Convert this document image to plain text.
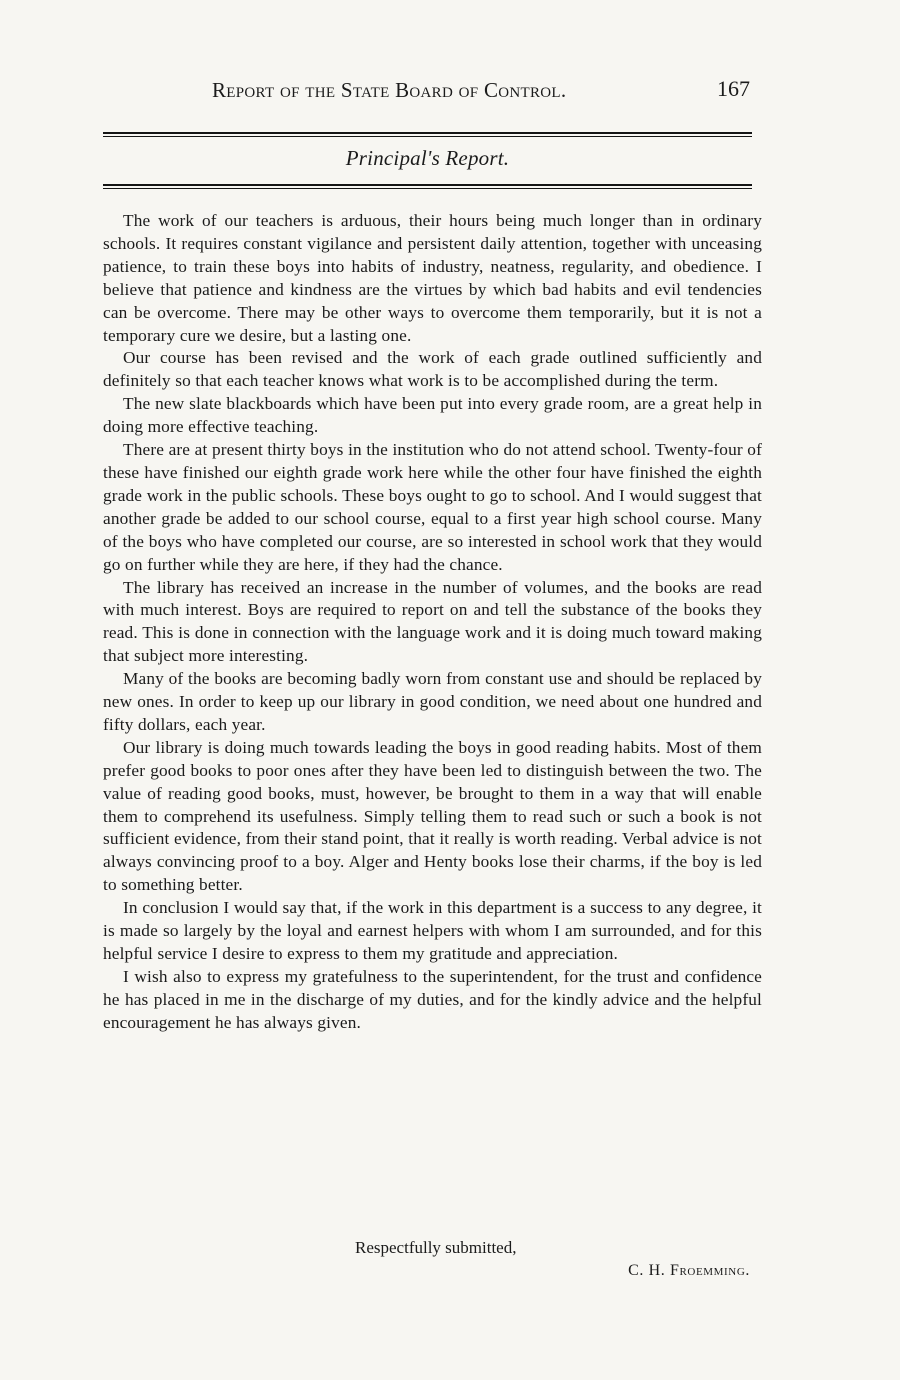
Report of the State Board of Control.	167
Principal's Report.

The work of our teachers is arduous, their hours being much longer than in ordinary schools. It requires constant vigilance and persistent daily attention, together with unceasing patience, to train these boys into habits of industry, neatness, regularity, and obedience. I believe that patience and kindness are the virtues by which bad habits and evil tendencies can be overcome. There may be other ways to overcome them temporarily, but it is not a temporary cure we desire, but a lasting one.

Our course has been revised and the work of each grade outlined sufficiently and definitely so that each teacher knows what work is to be accomplished during the term.

The new slate blackboards which have been put into every grade room, are a great help in doing more effective teaching.

There are at present thirty boys in the institution who do not attend school. Twenty-four of these have finished our eighth grade work here while the other four have finished the eighth grade work in the public schools. These boys ought to go to school. And I would suggest that another grade be added to our school course, equal to a first year high school course. Many of the boys who have completed our course, are so interested in school work that they would go on further while they are here, if they had the chance.

The library has received an increase in the number of volumes, and the books are read with much interest. Boys are required to report on and tell the substance of the books they read. This is done in connection with the language work and it is doing much toward making that subject more interesting.

Many of the books are becoming badly worn from constant use and should be replaced by new ones. In order to keep up our library in good condition, we need about one hundred and fifty dollars, each year.

Our library is doing much towards leading the boys in good reading habits. Most of them prefer good books to poor ones after they have been led to distinguish between the two. The value of reading good books, must, however, be brought to them in a way that will enable them to comprehend its usefulness. Simply telling them to read such or such a book is not sufficient evidence, from their stand point, that it really is worth reading. Verbal advice is not always convincing proof to a boy. Alger and Henty books lose their charms, if the boy is led to something better.

In conclusion I would say that, if the work in this department is a success to any degree, it is made so largely by the loyal and earnest helpers with whom I am surrounded, and for this helpful service I desire to express to them my gratitude and appreciation.

I wish also to express my gratefulness to the superintendent, for the trust and confidence he has placed in me in the discharge of my duties, and for the kindly advice and the helpful encouragement he has always given.

Respectfully submitted,
C. H. Froemming.
